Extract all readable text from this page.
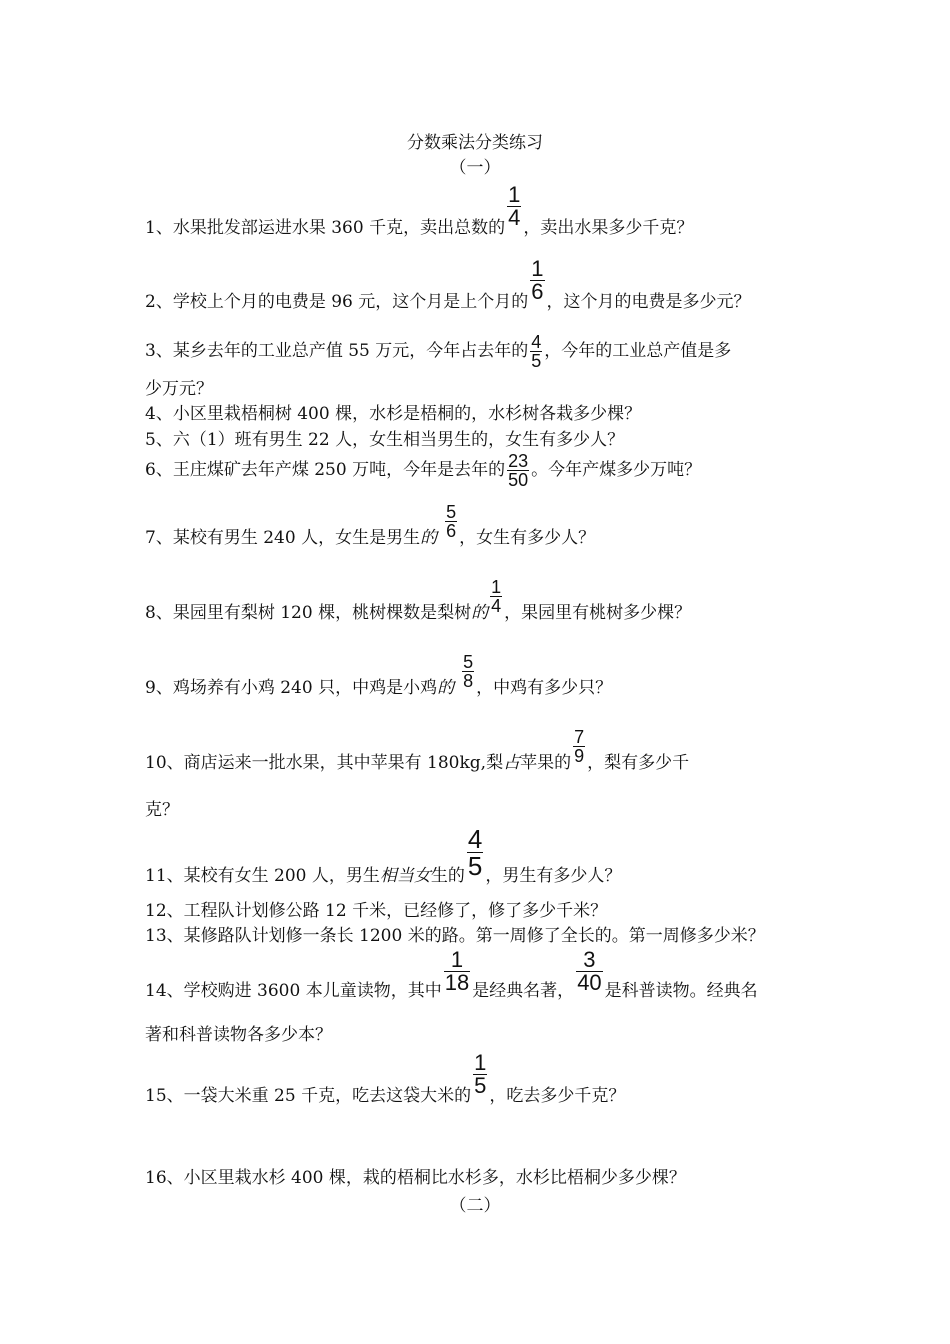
分数乘法分类练习
（一）
1、水果批发部运进水果 360 千克，卖出总数的 $\frac{1}{4}$ ，卖出水果多少千克？
2、学校上个月的电费是 96 元，这个月是上个月的 $\frac{1}{6}$ ，这个月的电费是多少元？
3、某乡去年的工业总产值 55 万元，今年占去年的 $\frac{4}{5}$ ，今年的工业总产值是多
少万元？
4、小区里栽梧桐树 400 棵，水杉是梧桐的，水杉树各栽多少棵？
5、六（1）班有男生 22 人，女生相当男生的，女生有多少人？
6、王庄煤矿去年产煤 250 万吨，今年是去年的 $\frac{23}{50}$ 。今年产煤多少万吨？
7、某校有男生 240 人，女生是男生的 $\frac{5}{6}$ ，女生有多少人？
8、果园里有梨树 120 棵，桃树棵数是梨树的 $\frac{1}{4}$ ，果园里有桃树多少棵？
9、鸡场养有小鸡 240 只，中鸡是小鸡的 $\frac{5}{8}$ ，中鸡有多少只？
10、商店运来一批水果，其中苹果有 180kg,梨占苹果的 $\frac{7}{9}$ ，梨有多少千
克？
11、某校有女生 200 人，男生相当女生的 $\frac{4}{5}$ ，男生有多少人？
12、工程队计划修公路 12 千米，已经修了，修了多少千米？
13、某修路队计划修一条长 1200 米的路。第一周修了全长的。第一周修多少米？
14、学校购进 3600 本儿童读物，其中 $\frac{1}{18}$ 是经典名著， $\frac{3}{40}$ 是科普读物。经典名
著和科普读物各多少本？
15、一袋大米重 25 千克，吃去这袋大米的 $\frac{1}{5}$ ，吃去多少千克？
16、小区里栽水杉 400 棵，栽的梧桐比水杉多，水杉比梧桐少多少棵？
（二）
